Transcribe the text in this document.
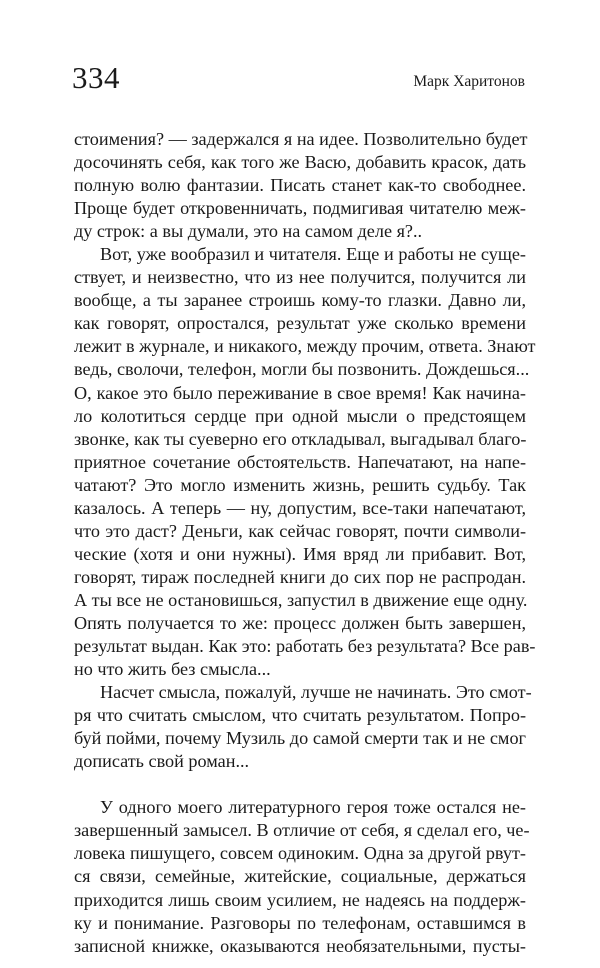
334	Марк Харитонов

стоимения? — задержался я на идее. Позволительно будет
досочинять себя, как того же Васю, добавить красок, дать
полную волю фантазии. Писать станет как-то свободнее.
Проще будет откровенничать, подмигивая читателю меж-
ду строк: а вы думали, это на самом деле я?..

Вот, уже вообразил и читателя. Еще и работы не суще-
ствует, и неизвестно, что из нее получится, получится ли
вообще, а ты заранее строишь кому-то глазки. Давно ли,
как говорят, опростался, результат уже сколько времени
лежит в журнале, и никакого, между прочим, ответа. Знают
ведь, сволочи, телефон, могли бы позвонить. Дождешься...
О, какое это было переживание в свое время! Как начина-
ло колотиться сердце при одной мысли о предстоящем
звонке, как ты суеверно его откладывал, выгадывал благо-
приятное сочетание обстоятельств. Напечатают, на напе-
чатают? Это могло изменить жизнь, решить судьбу. Так
казалось. А теперь — ну, допустим, все-таки напечатают,
что это даст? Деньги, как сейчас говорят, почти символи-
ческие (хотя и они нужны). Имя вряд ли прибавит. Вот,
говорят, тираж последней книги до сих пор не распродан.
А ты все не остановишься, запустил в движение еще одну.
Опять получается то же: процесс должен быть завершен,
результат выдан. Как это: работать без результата? Все рав-
но что жить без смысла...

Насчет смысла, пожалуй, лучше не начинать. Это смот-
ря что считать смыслом, что считать результатом. Попро-
буй пойми, почему Музиль до самой смерти так и не смог
дописать свой роман...

У одного моего литературного героя тоже остался не-
завершенный замысел. В отличие от себя, я сделал его, че-
ловека пишущего, совсем одиноким. Одна за другой рвут-
ся связи, семейные, житейские, социальные, держаться
приходится лишь своим усилием, не надеясь на поддерж-
ку и понимание. Разговоры по телефонам, оставшимся в
записной книжке, оказываются необязательными, пусты-
